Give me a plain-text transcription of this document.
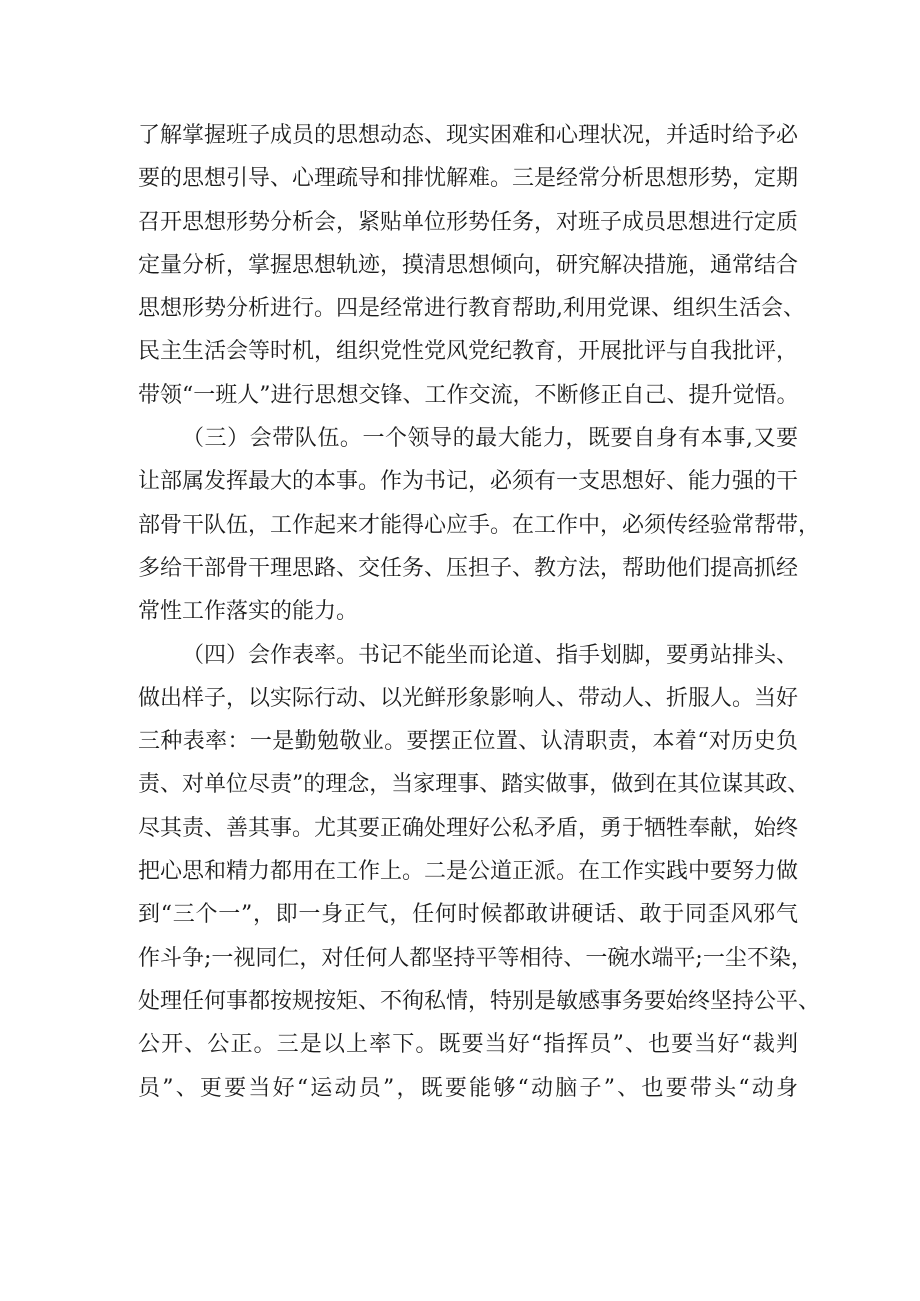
了解掌握班子成员的思想动态、现实困难和心理状况，并适时给予必
要的思想引导、心理疏导和排忧解难。三是经常分析思想形势，定期
召开思想形势分析会，紧贴单位形势任务，对班子成员思想进行定质
定量分析，掌握思想轨迹，摸清思想倾向，研究解决措施，通常结合
思想形势分析进行。四是经常进行教育帮助,利用党课、组织生活会、
民主生活会等时机，组织党性党风党纪教育，开展批评与自我批评，
带领“一班人”进行思想交锋、工作交流，不断修正自己、提升觉悟。
（三）会带队伍。一个领导的最大能力，既要自身有本事,又要
让部属发挥最大的本事。作为书记，必须有一支思想好、能力强的干
部骨干队伍，工作起来才能得心应手。在工作中，必须传经验常帮带，
多给干部骨干理思路、交任务、压担子、教方法，帮助他们提高抓经
常性工作落实的能力。
（四）会作表率。书记不能坐而论道、指手划脚，要勇站排头、
做出样子，以实际行动、以光鲜形象影响人、带动人、折服人。当好
三种表率：一是勤勉敬业。要摆正位置、认清职责，本着“对历史负
责、对单位尽责”的理念，当家理事、踏实做事，做到在其位谋其政、
尽其责、善其事。尤其要正确处理好公私矛盾，勇于牺牲奉献，始终
把心思和精力都用在工作上。二是公道正派。在工作实践中要努力做
到“三个一”，即一身正气，任何时候都敢讲硬话、敢于同歪风邪气
作斗争;一视同仁，对任何人都坚持平等相待、一碗水端平;一尘不染，
处理任何事都按规按矩、不徇私情，特别是敏感事务要始终坚持公平、
公开、公正。三是以上率下。既要当好“指挥员”、也要当好“裁判
员”、更要当好“运动员”，既要能够“动脑子”、也要带头“动身
